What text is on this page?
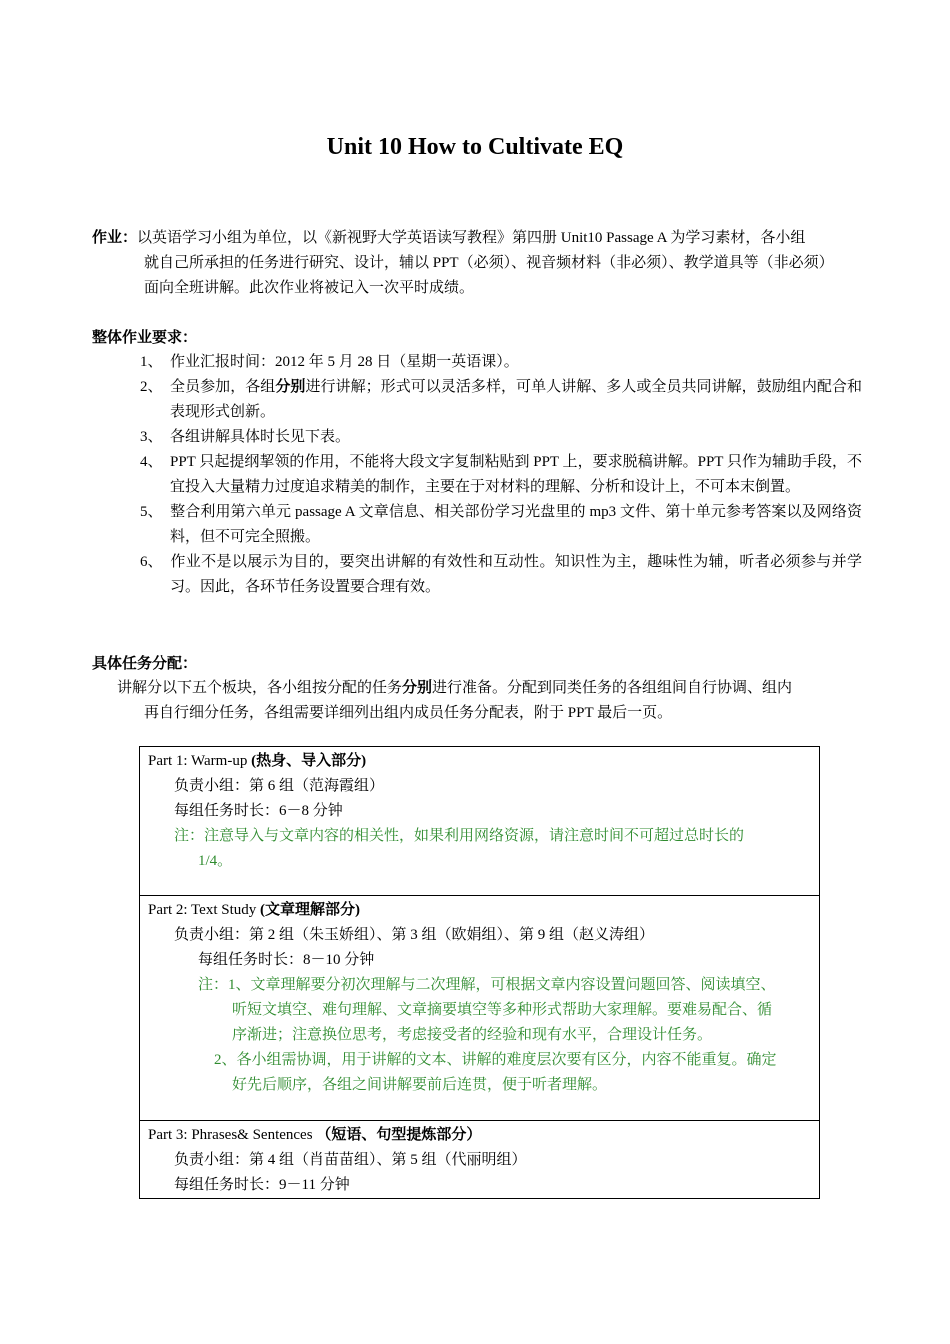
Unit 10 How to Cultivate EQ
作业：以英语学习小组为单位，以《新视野大学英语读写教程》第四册 Unit10 Passage A 为学习素材，各小组
就自己所承担的任务进行研究、设计，辅以 PPT（必须）、视音频材料（非必须）、教学道具等（非必须）
面向全班讲解。此次作业将被记入一次平时成绩。
整体作业要求：
1、 作业汇报时间：2012 年 5 月 28 日（星期一英语课）。
2、 全员参加，各组分别进行讲解；形式可以灵活多样，可单人讲解、多人或全员共同讲解，鼓励组内配合和表现形式创新。
3、 各组讲解具体时长见下表。
4、 PPT 只起提纲挈领的作用，不能将大段文字复制粘贴到 PPT 上，要求脱稿讲解。PPT 只作为辅助手段，不宜投入大量精力过度追求精美的制作，主要在于对材料的理解、分析和设计上，不可本末倒置。
5、 整合利用第六单元 passage A 文章信息、相关部份学习光盘里的 mp3 文件、第十单元参考答案以及网络资料，但不可完全照搬。
6、 作业不是以展示为目的，要突出讲解的有效性和互动性。知识性为主，趣味性为辅，听者必须参与并学习。因此，各环节任务设置要合理有效。
具体任务分配：
讲解分以下五个板块，各小组按分配的任务分别进行准备。分配到同类任务的各组组间自行协调、组内
再自行细分任务，各组需要详细列出组内成员任务分配表，附于 PPT 最后一页。
Part 1: Warm-up (热身、导入部分)
负责小组：第 6 组（范海霞组）
每组任务时长：6－8 分钟
注：注意导入与文章内容的相关性，如果利用网络资源，请注意时间不可超过总时长的
1/4。
Part 2: Text Study (文章理解部分)
负责小组：第 2 组（朱玉娇组）、第 3 组（欧娟组）、第 9 组（赵义涛组）
每组任务时长：8－10 分钟
注：1、文章理解要分初次理解与二次理解，可根据文章内容设置问题回答、阅读填空、
听短文填空、难句理解、文章摘要填空等多种形式帮助大家理解。要难易配合、循
序渐进；注意换位思考，考虑接受者的经验和现有水平，合理设计任务。
2、各小组需协调，用于讲解的文本、讲解的难度层次要有区分，内容不能重复。确定
好先后顺序，各组之间讲解要前后连贯，便于听者理解。
Part 3: Phrases& Sentences （短语、句型提炼部分）
负责小组：第 4 组（肖苗苗组）、第 5 组（代丽明组）
每组任务时长：9－11 分钟
